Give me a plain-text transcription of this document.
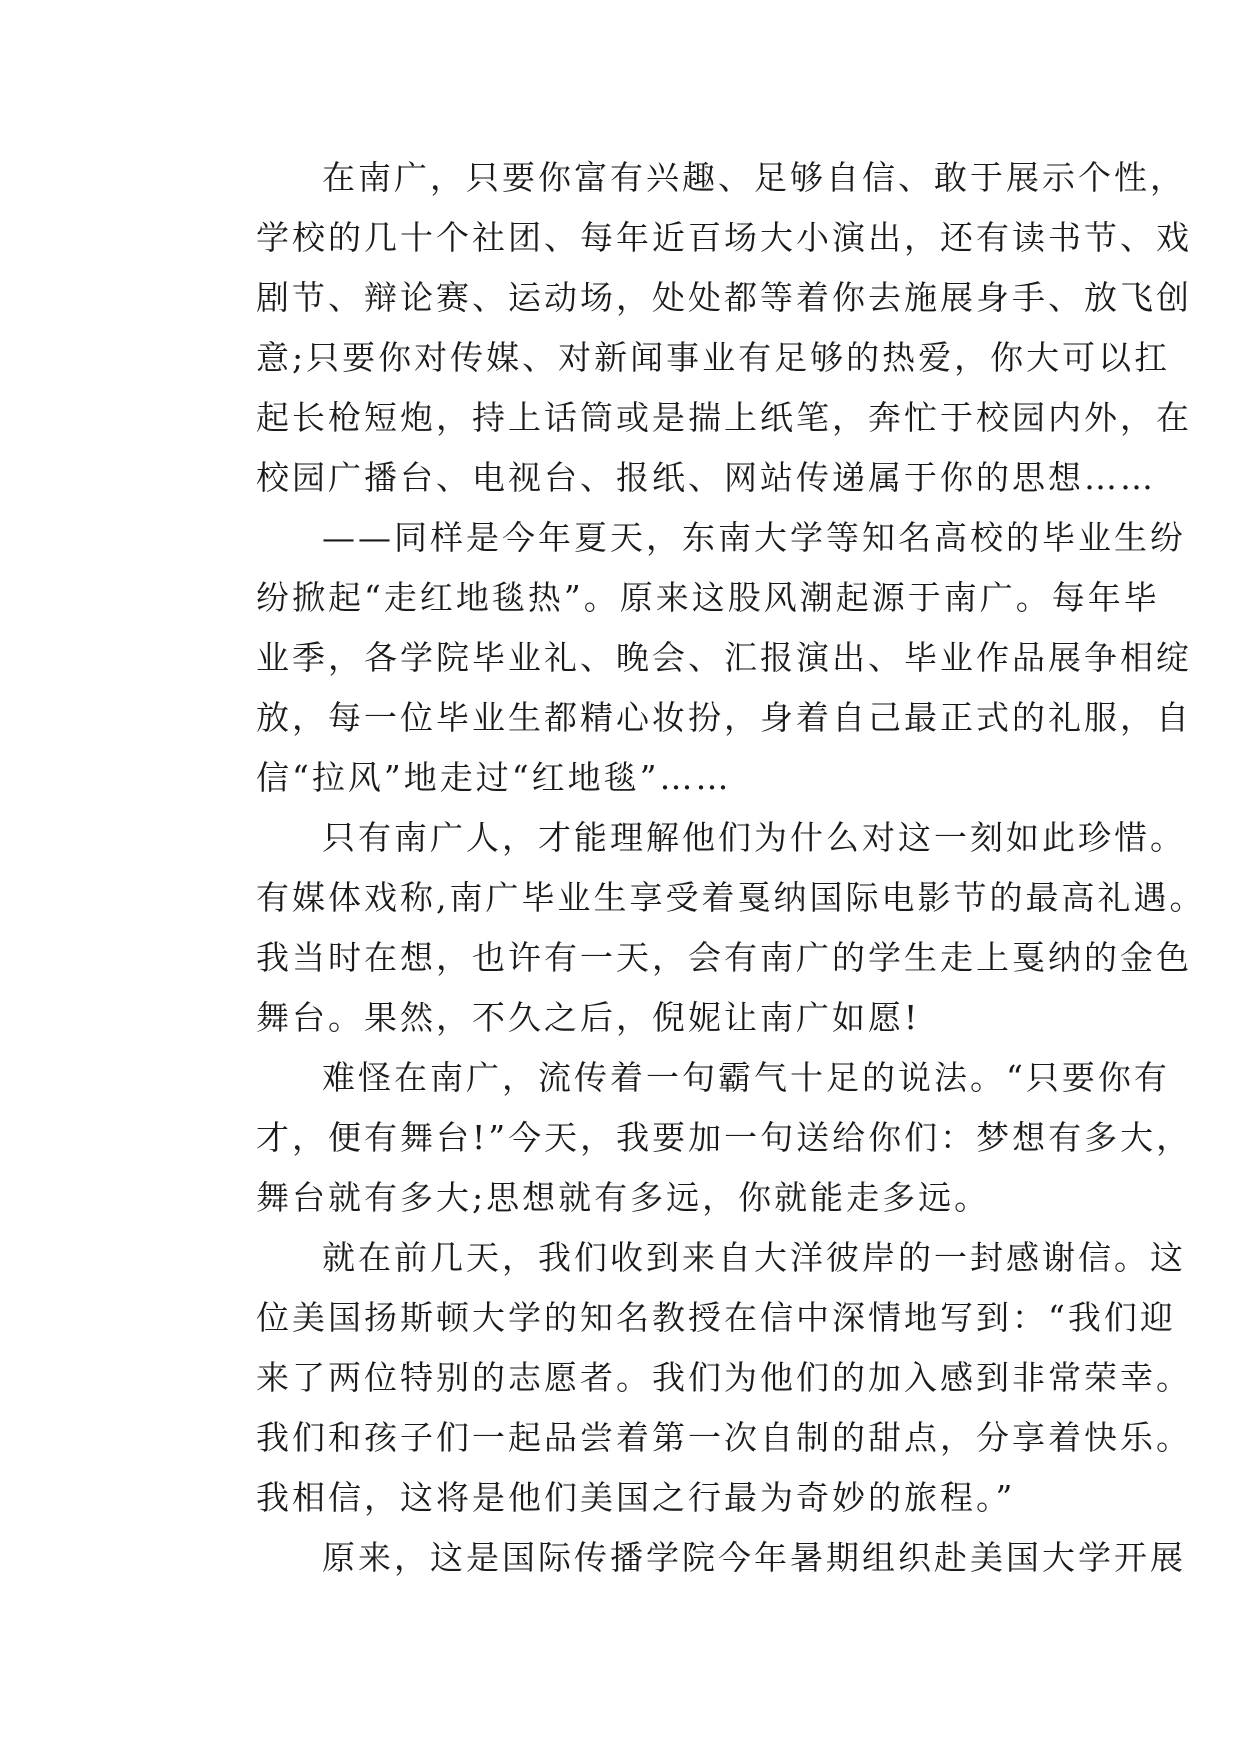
在南广，只要你富有兴趣、足够自信、敢于展示个性，
学校的几十个社团、每年近百场大小演出，还有读书节、戏
剧节、辩论赛、运动场，处处都等着你去施展身手、放飞创
意;只要你对传媒、对新闻事业有足够的热爱，你大可以扛
起长枪短炮，持上话筒或是揣上纸笔，奔忙于校园内外，在
校园广播台、电视台、报纸、网站传递属于你的思想……
——同样是今年夏天，东南大学等知名高校的毕业生纷
纷掀起“走红地毯热”。原来这股风潮起源于南广。每年毕
业季，各学院毕业礼、晚会、汇报演出、毕业作品展争相绽
放，每一位毕业生都精心妆扮，身着自己最正式的礼服，自
信“拉风”地走过“红地毯”……
只有南广人，才能理解他们为什么对这一刻如此珍惜。
有媒体戏称,南广毕业生享受着戛纳国际电影节的最高礼遇。
我当时在想，也许有一天，会有南广的学生走上戛纳的金色
舞台。果然，不久之后，倪妮让南广如愿!
难怪在南广，流传着一句霸气十足的说法。“只要你有
才，便有舞台!”今天，我要加一句送给你们：梦想有多大，
舞台就有多大;思想就有多远，你就能走多远。
就在前几天，我们收到来自大洋彼岸的一封感谢信。这
位美国扬斯顿大学的知名教授在信中深情地写到：“我们迎
来了两位特别的志愿者。我们为他们的加入感到非常荣幸。
我们和孩子们一起品尝着第一次自制的甜点，分享着快乐。
我相信，这将是他们美国之行最为奇妙的旅程。”
原来，这是国际传播学院今年暑期组织赴美国大学开展
